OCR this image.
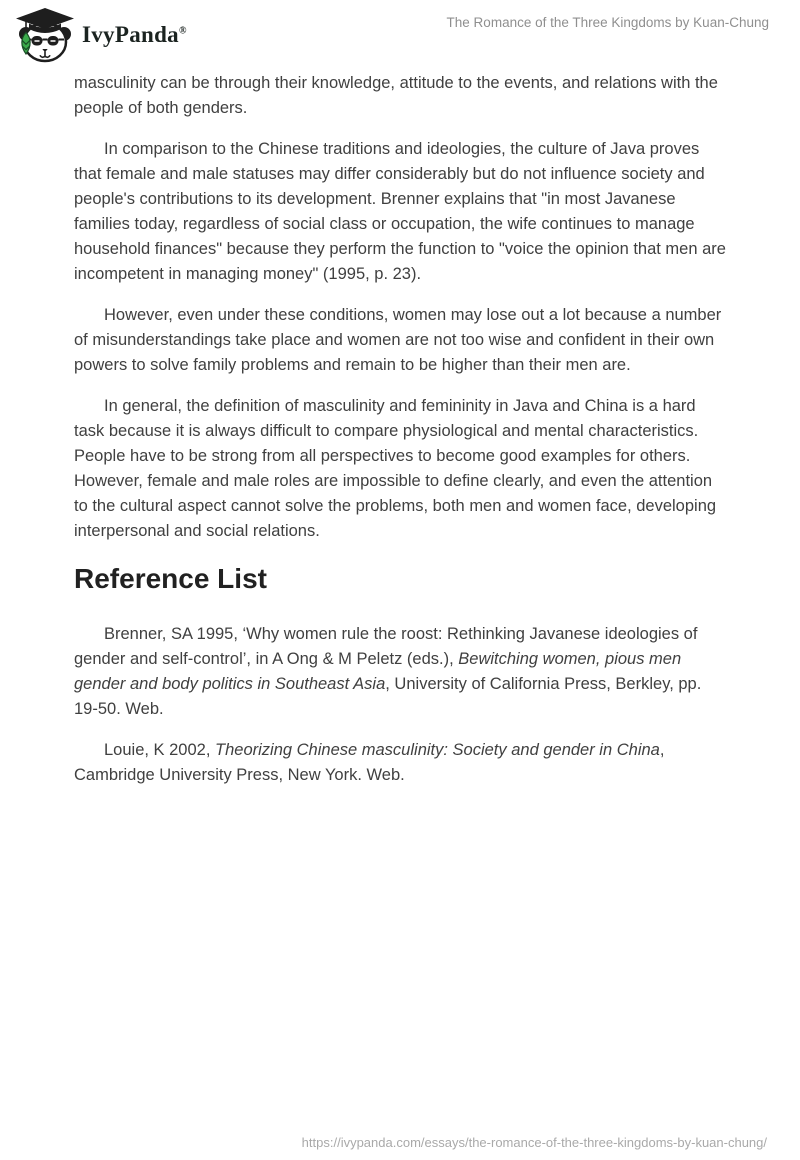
IvyPanda®
The Romance of the Three Kingdoms by Kuan-Chung

masculinity can be through their knowledge, attitude to the events, and relations with the people of both genders.

In comparison to the Chinese traditions and ideologies, the culture of Java proves that female and male statuses may differ considerably but do not influence society and people's contributions to its development. Brenner explains that "in most Javanese families today, regardless of social class or occupation, the wife continues to manage household finances" because they perform the function to "voice the opinion that men are incompetent in managing money" (1995, p. 23).

However, even under these conditions, women may lose out a lot because a number of misunderstandings take place and women are not too wise and confident in their own powers to solve family problems and remain to be higher than their men are.

In general, the definition of masculinity and femininity in Java and China is a hard task because it is always difficult to compare physiological and mental characteristics. People have to be strong from all perspectives to become good examples for others. However, female and male roles are impossible to define clearly, and even the attention to the cultural aspect cannot solve the problems, both men and women face, developing interpersonal and social relations.

Reference List

Brenner, SA 1995, ‘Why women rule the roost: Rethinking Javanese ideologies of gender and self-control’, in A Ong & M Peletz (eds.), Bewitching women, pious men gender and body politics in Southeast Asia, University of California Press, Berkley, pp. 19-50. Web.

Louie, K 2002, Theorizing Chinese masculinity: Society and gender in China, Cambridge University Press, New York. Web.

https://ivypanda.com/essays/the-romance-of-the-three-kingdoms-by-kuan-chung/
